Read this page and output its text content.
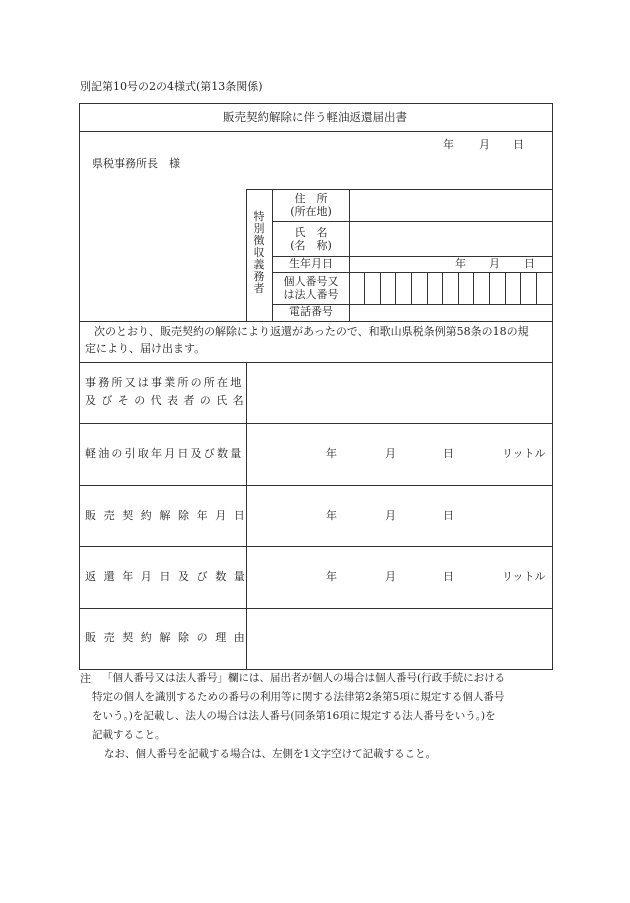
別記第10号の2の4様式(第13条関係)
販売契約解除に伴う軽油返還届出書
年 月 日
県税事務所長　様
特
別
徴
収
義
務
者
住　所
(所在地)
氏　名
(名　称)
生年月日	年 月 日
個人番号又
は法人番号
電話番号
次のとおり、販売契約の解除により返還があったので、和歌山県税条例第58条の18の規
定により、届け出ます。
事務所又は事業所の所在地
及びその代表者の氏名
軽油の引取年月日及び数量	年	月	日	リットル
販売契約解除年月日	年	月	日
返還年月日及び数量	年	月	日	リットル
販売契約解除の理由
注 「個人番号又は法人番号」欄には、届出者が個人の場合は個人番号(行政手続における
特定の個人を識別するための番号の利用等に関する法律第2条第5項に規定する個人番号
をいう。)を記載し、法人の場合は法人番号(同条第16項に規定する法人番号をいう。)を
記載すること。
なお、個人番号を記載する場合は、左側を1文字空けて記載すること。
